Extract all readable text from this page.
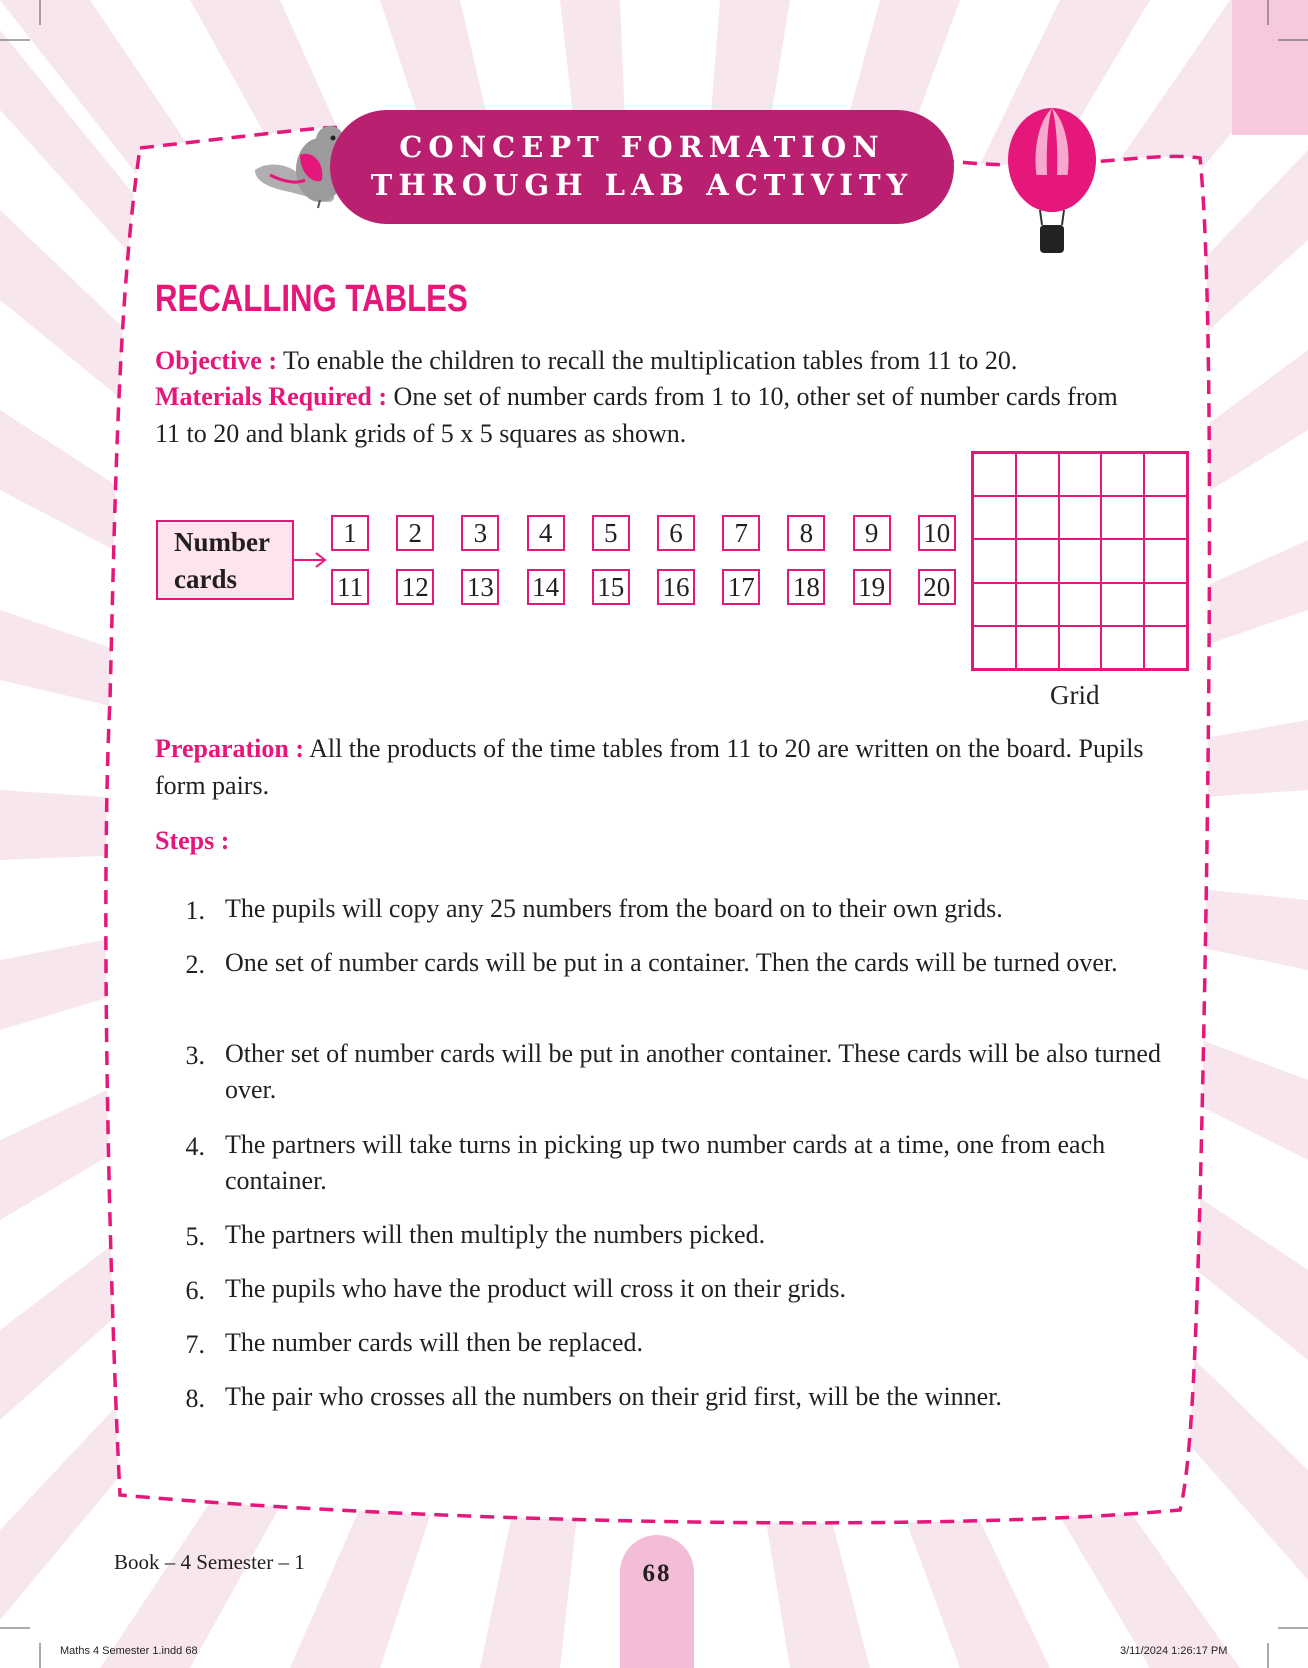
CONCEPT FORMATION
THROUGH LAB ACTIVITY
RECALLING TABLES
Objective : To enable the children to recall the multiplication tables from 11 to 20.
Materials Required : One set of number cards from 1 to 10, other set of number cards from 11 to 20 and blank grids of 5 x 5 squares as shown.
Number
cards
1	2	3	4	5	6	7	8	9	10
11 12 13 14 15 16 17 18 19 20
Grid
Preparation : All the products of the time tables from 11 to 20 are written on the board. Pupils form pairs.
Steps :
1. The pupils will copy any 25 numbers from the board on to their own grids.
2. One set of number cards will be put in a container. Then the cards will be turned over.
3. Other set of number cards will be put in another container. These cards will be also turned over.
4. The partners will take turns in picking up two number cards at a time, one from each container.
5. The partners will then multiply the numbers picked.
6. The pupils who have the product will cross it on their grids.
7. The number cards will then be replaced.
8. The pair who crosses all the numbers on their grid first, will be the winner.
Book – 4 Semester – 1	68
Maths 4 Semester 1.indd 68	3/11/2024 1:26:17 PM
